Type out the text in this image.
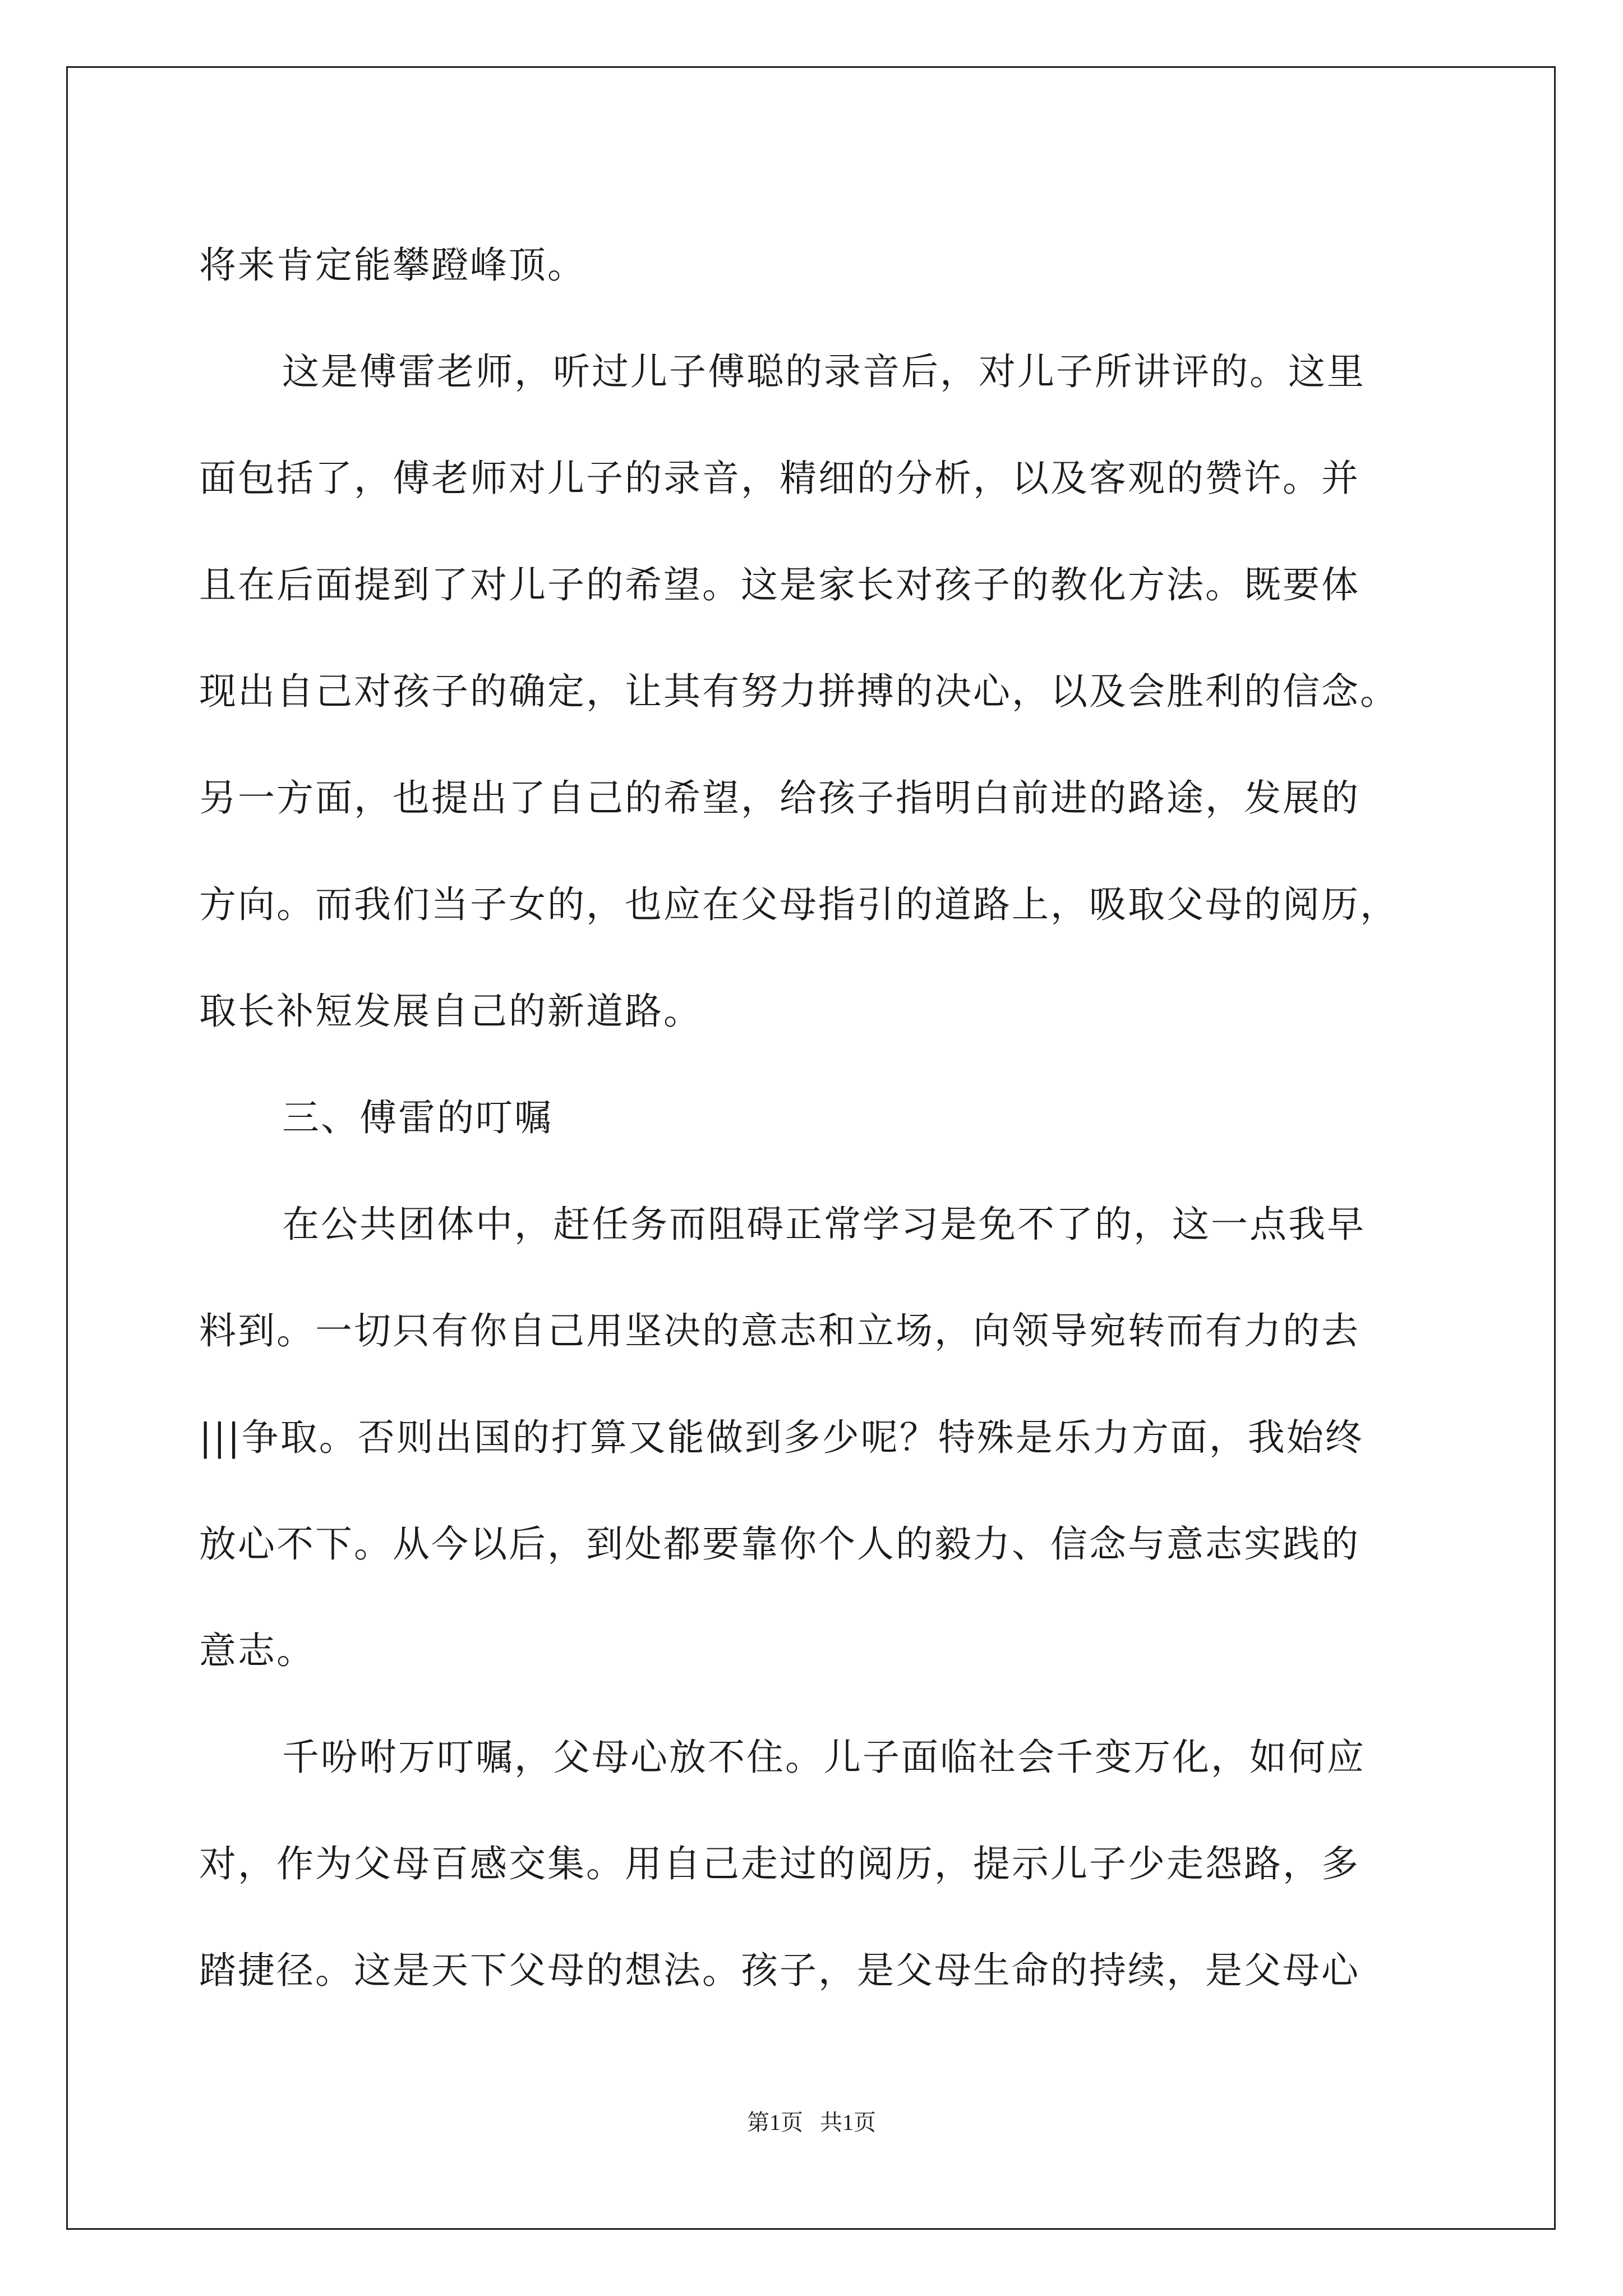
将来肯定能攀蹬峰顶。
这是傅雷老师，听过儿子傅聪的录音后，对儿子所讲评的。这里
面包括了，傅老师对儿子的录音，精细的分析，以及客观的赞许。并
且在后面提到了对儿子的希望。这是家长对孩子的教化方法。既要体
现出自己对孩子的确定，让其有努力拼搏的决心，以及会胜利的信念。
另一方面，也提出了自己的希望，给孩子指明白前进的路途，发展的
方向。而我们当子女的，也应在父母指引的道路上，吸取父母的阅历，
取长补短发展自己的新道路。
三、傅雷的叮嘱
在公共团体中，赶任务而阻碍正常学习是免不了的，这一点我早
料到。一切只有你自己用坚决的意志和立场，向领导宛转而有力的去
|||争取。否则出国的打算又能做到多少呢？特殊是乐力方面，我始终
放心不下。从今以后，到处都要靠你个人的毅力、信念与意志实践的
意志。
千吩咐万叮嘱，父母心放不住。儿子面临社会千变万化，如何应
对，作为父母百感交集。用自己走过的阅历，提示儿子少走怨路，多
踏捷径。这是天下父母的想法。孩子，是父母生命的持续，是父母心
第1页 共1页
